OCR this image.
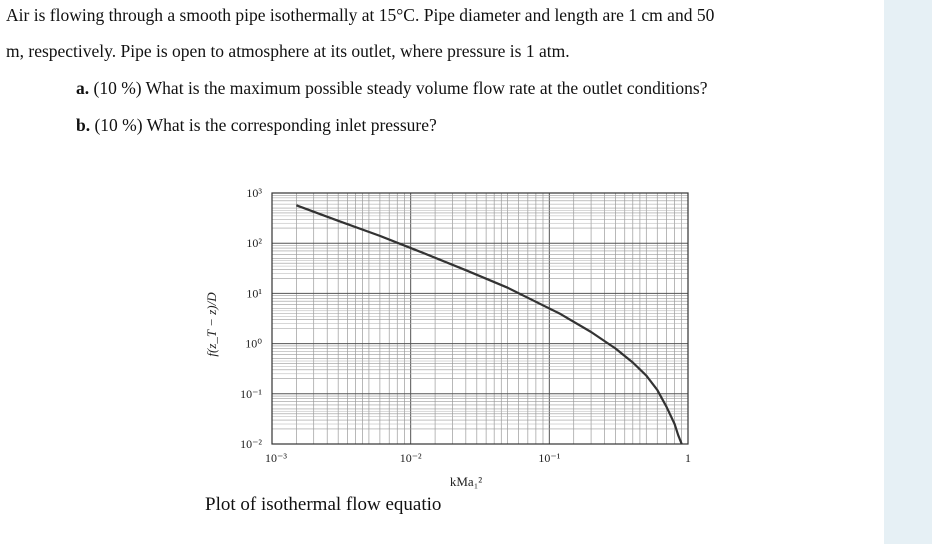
Air is flowing through a smooth pipe isothermally at 15°C. Pipe diameter and length are 1 cm and 50
m, respectively. Pipe is open to atmosphere at its outlet, where pressure is 1 atm.
a. (10 %) What is the maximum possible steady volume flow rate at the outlet conditions?
b. (10 %) What is the corresponding inlet pressure?
10³
10²
10¹
10⁰
10⁻¹
10⁻²
10⁻³	10⁻²	10⁻¹	1
kMa₁²
f(z_T − z)/D
Plot of isothermal flow equatio
